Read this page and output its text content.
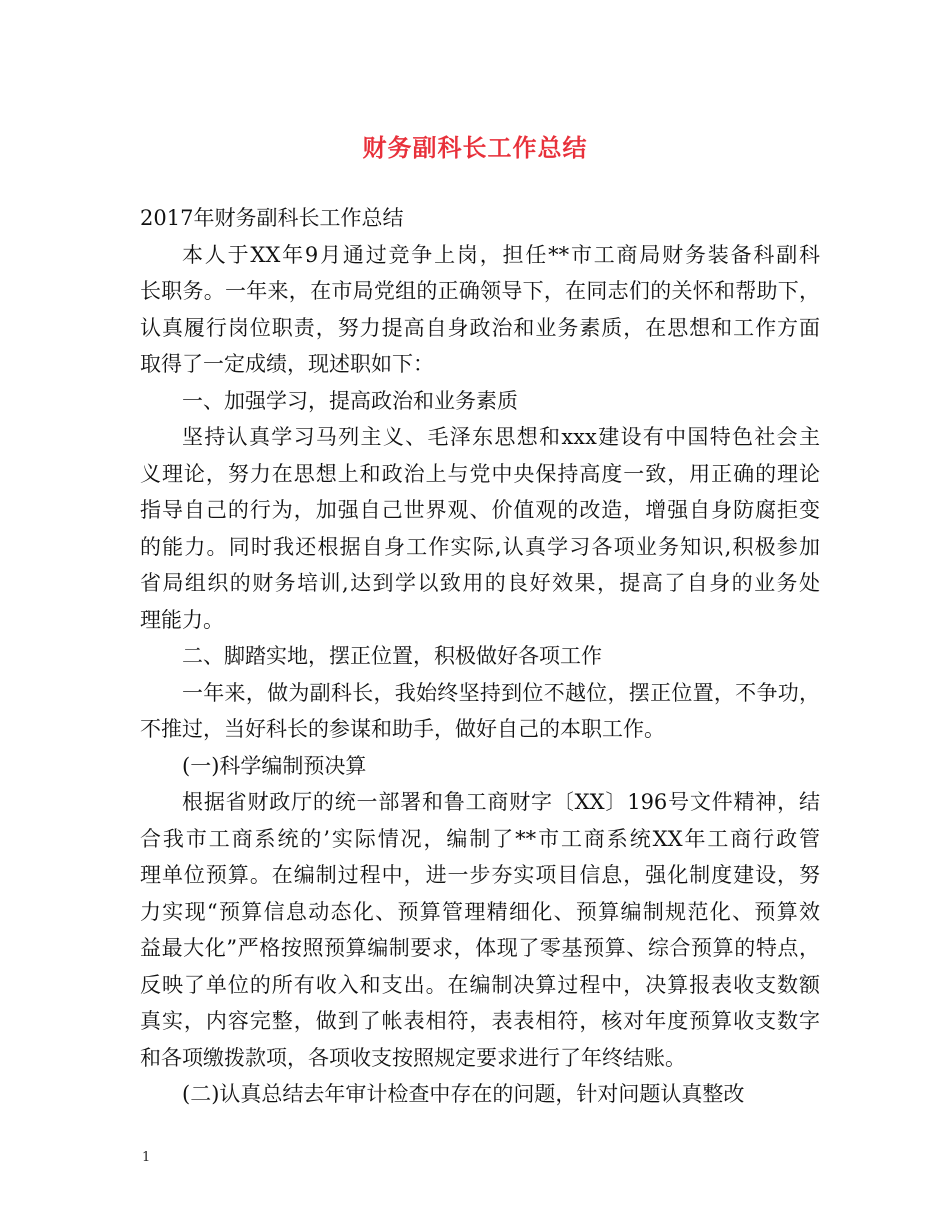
财务副科长工作总结
2017年财务副科长工作总结
本人于XX年9月通过竞争上岗，担任**市工商局财务装备科副科
长职务。一年来，在市局党组的正确领导下，在同志们的关怀和帮助下，
认真履行岗位职责，努力提高自身政治和业务素质，在思想和工作方面
取得了一定成绩，现述职如下：
一、加强学习，提高政治和业务素质
坚持认真学习马列主义、毛泽东思想和xxx建设有中国特色社会主
义理论，努力在思想上和政治上与党中央保持高度一致，用正确的理论
指导自己的行为，加强自己世界观、价值观的改造，增强自身防腐拒变
的能力。同时我还根据自身工作实际,认真学习各项业务知识,积极参加
省局组织的财务培训,达到学以致用的良好效果，提高了自身的业务处
理能力。
二、脚踏实地，摆正位置，积极做好各项工作
一年来，做为副科长，我始终坚持到位不越位，摆正位置，不争功，
不推过，当好科长的参谋和助手，做好自己的本职工作。
(一)科学编制预决算
根据省财政厅的统一部署和鲁工商财字〔XX〕196号文件精神，结
合我市工商系统的’实际情况，编制了**市工商系统XX年工商行政管
理单位预算。在编制过程中，进一步夯实项目信息，强化制度建设，努
力实现“预算信息动态化、预算管理精细化、预算编制规范化、预算效
益最大化”严格按照预算编制要求，体现了零基预算、综合预算的特点，
反映了单位的所有收入和支出。在编制决算过程中，决算报表收支数额
真实，内容完整，做到了帐表相符，表表相符，核对年度预算收支数字
和各项缴拨款项，各项收支按照规定要求进行了年终结账。
(二)认真总结去年审计检查中存在的问题，针对问题认真整改
1
